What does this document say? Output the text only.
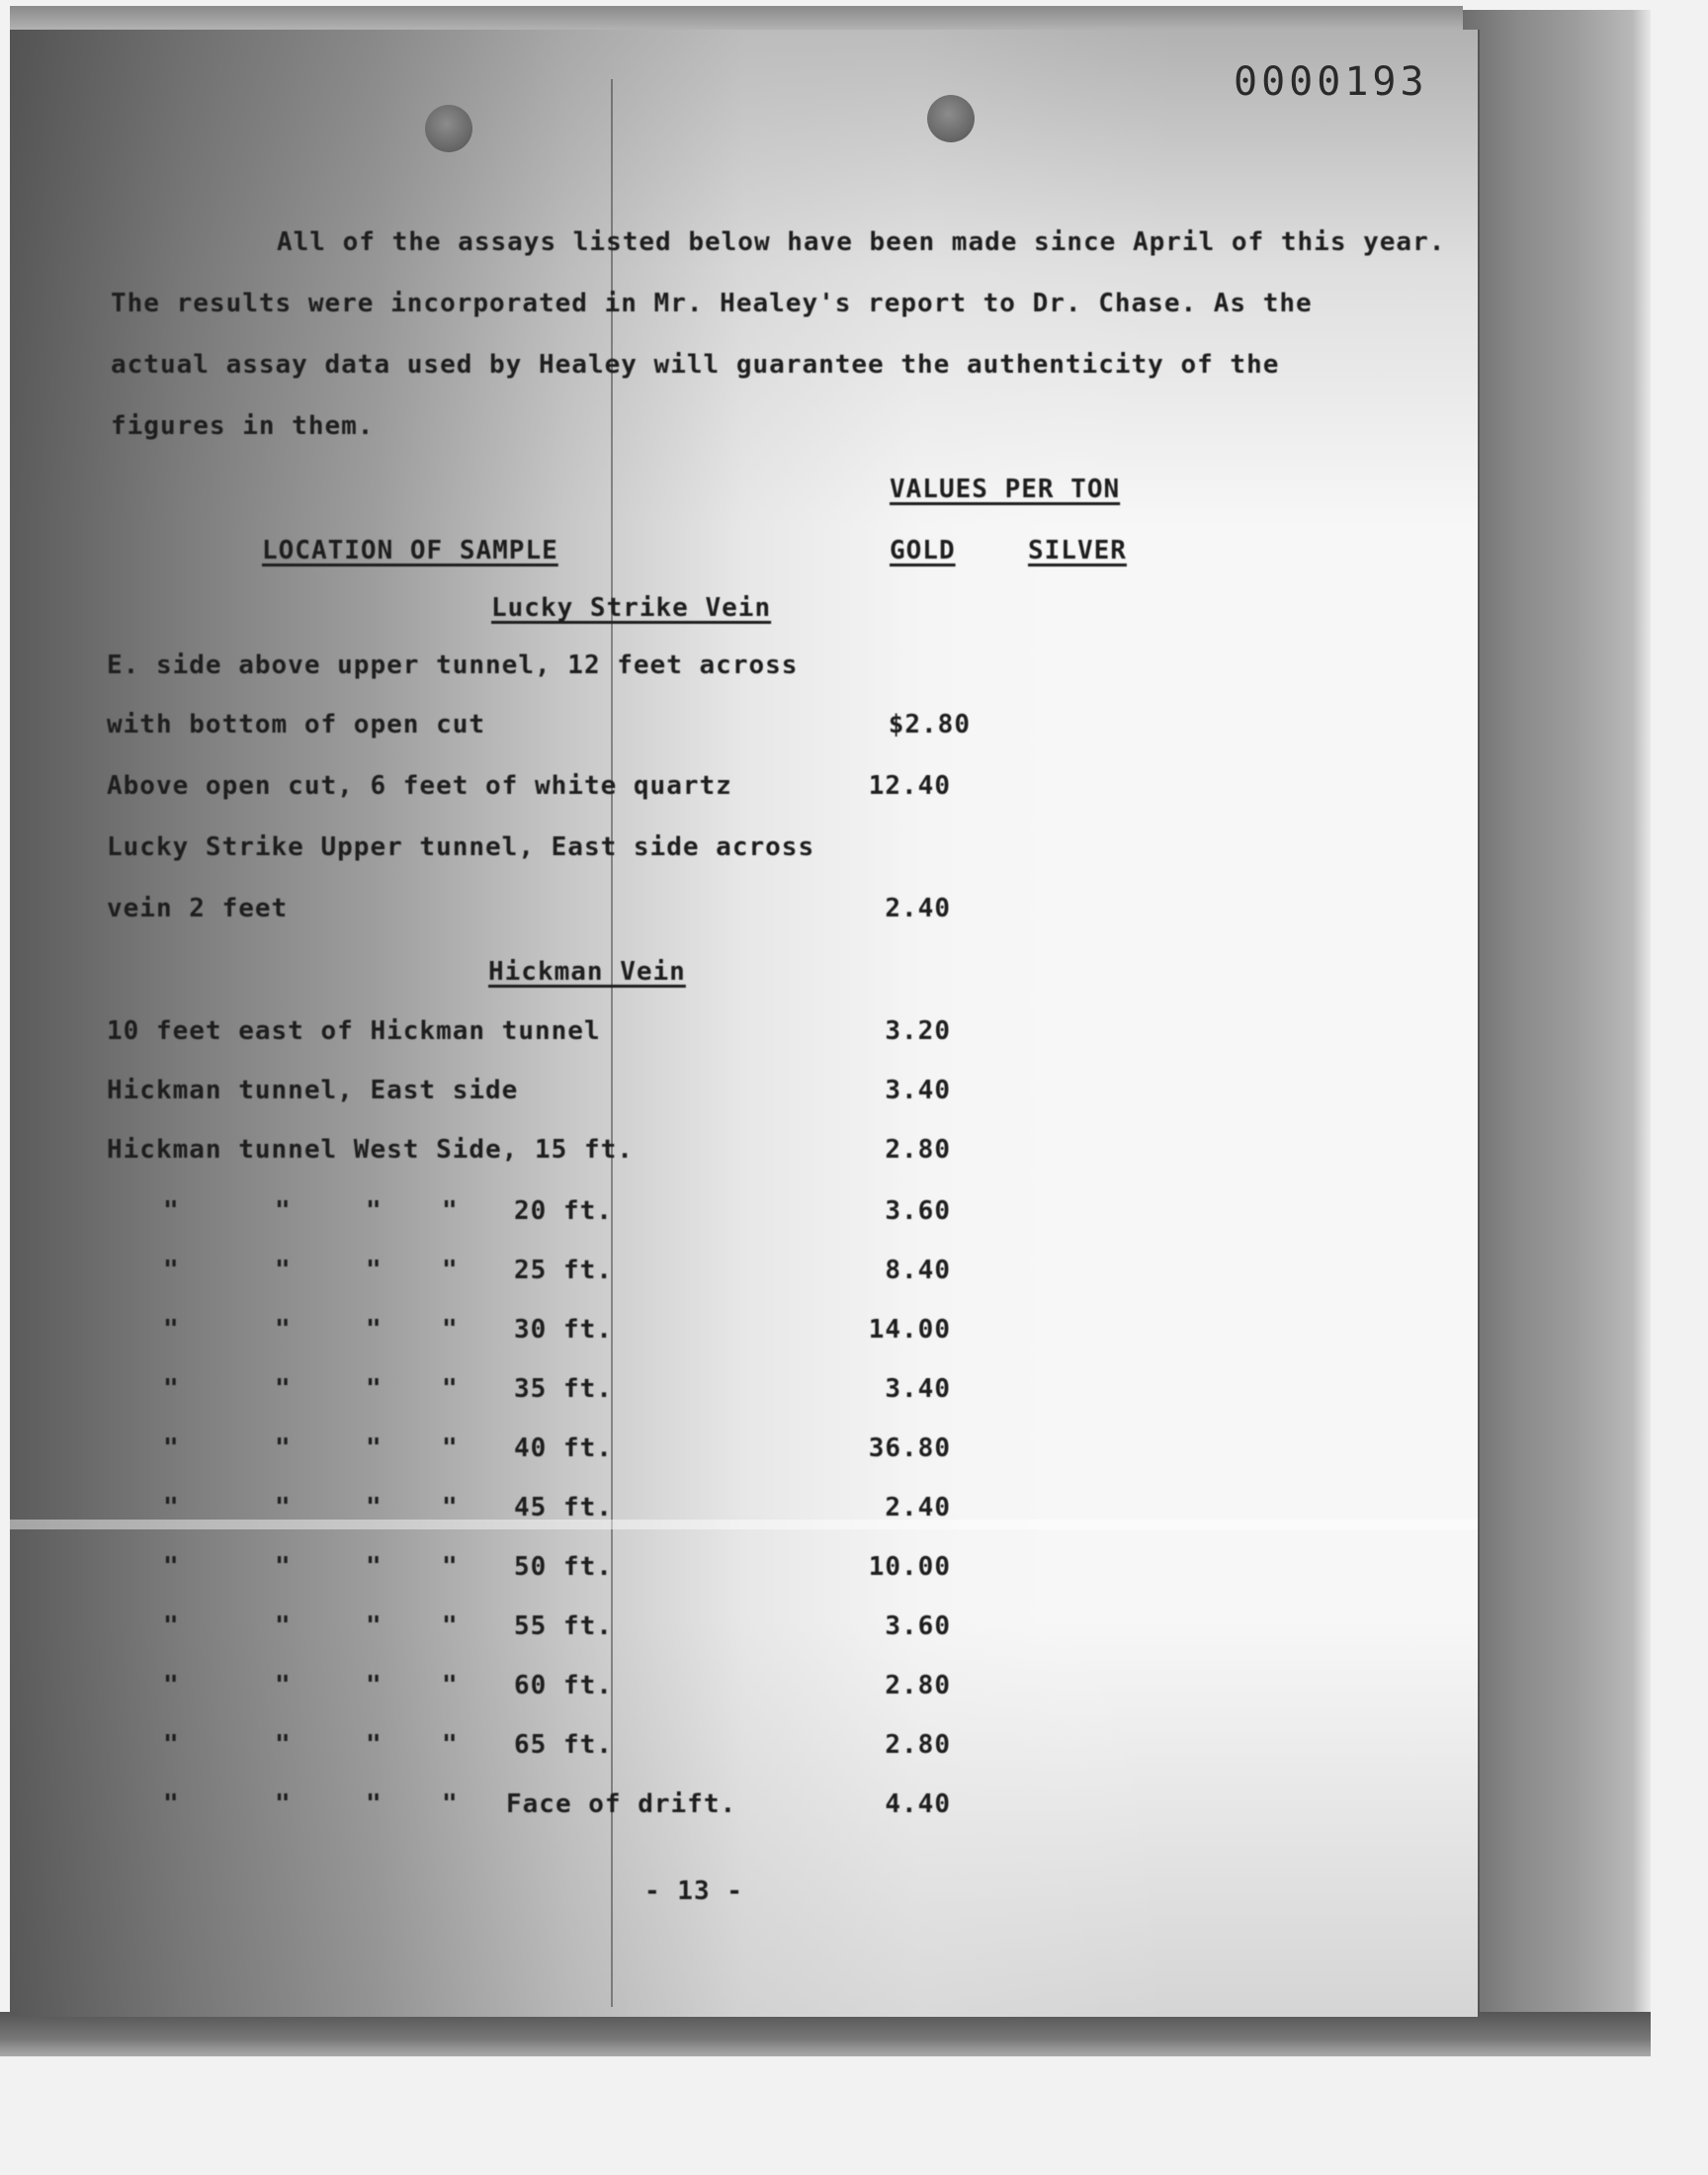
0000193
All of the assays listed below have been made since April of this year.
The results were incorporated in Mr. Healey's report to Dr. Chase. As the
actual assay data used by Healey will guarantee the authenticity of the
figures in them.
VALUES PER TON
LOCATION OF SAMPLE	GOLD	SILVER
Lucky Strike Vein
E. side above upper tunnel, 12 feet across
with bottom of open cut	$2.80
Above open cut, 6 feet of white quartz	12.40
Lucky Strike Upper tunnel, East side across
vein 2 feet	2.40
Hickman Vein
10 feet east of Hickman tunnel	3.20
Hickman tunnel, East side	3.40
Hickman tunnel West Side, 15 ft.	2.80
"	"	" " 20 ft.	3.60
"	"	" " 25 ft.	8.40
"	"	" " 30 ft.	14.00
"	"	" " 35 ft.	3.40
"	"	" " 40 ft.	36.80
"	"	" " 45 ft.	2.40
"	"	" " 50 ft.	10.00
"	"	" " 55 ft.	3.60
"	"	" " 60 ft.	2.80
"	"	" " 65 ft.	2.80
"	"	" " Face of drift.	4.40
- 13 -
